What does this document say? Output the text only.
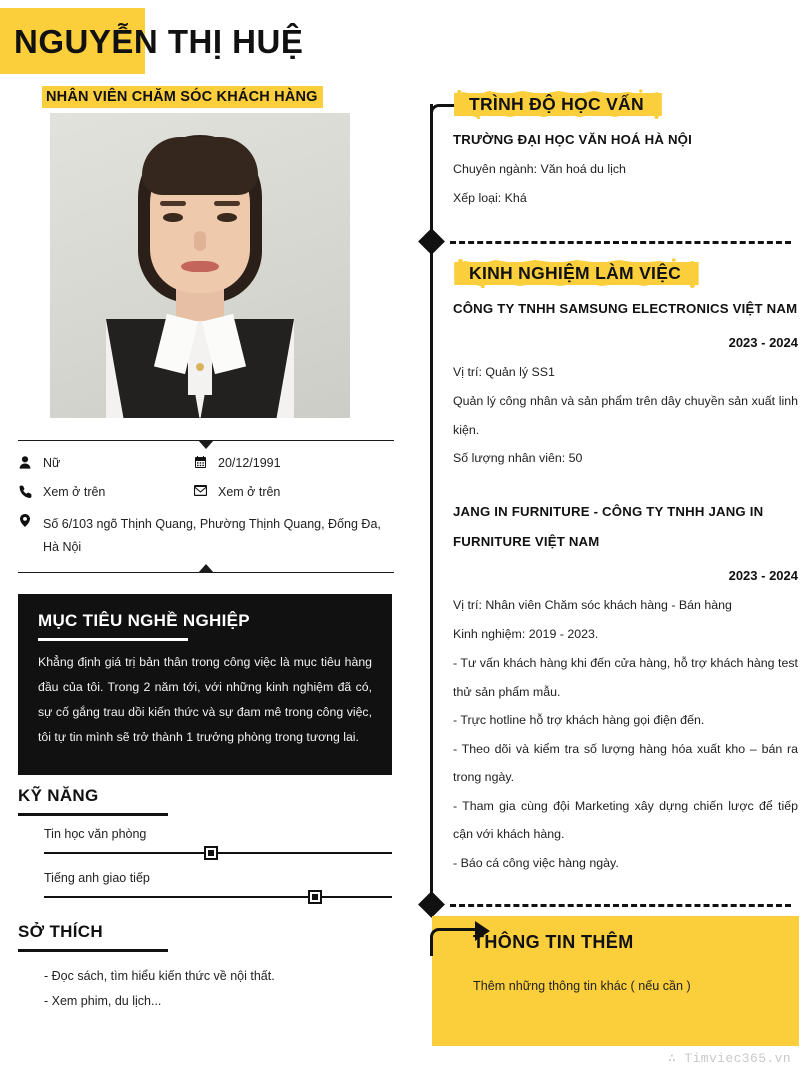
NGUYỄN THỊ HUỆ
NHÂN VIÊN CHĂM SÓC KHÁCH HÀNG
Nữ	20/12/1991
Xem ở trên	Xem ở trên
Số 6/103 ngõ Thịnh Quang, Phường Thịnh Quang, Đống Đa, Hà Nội
MỤC TIÊU NGHỀ NGHIỆP
Khẳng định giá trị bản thân trong công việc là mục tiêu hàng đầu của tôi. Trong 2 năm tới, với những kinh nghiệm đã có, sự cố gắng trau dồi kiến thức và sự đam mê trong công việc, tôi tự tin mình sẽ trở thành 1 trưởng phòng trong tương lai.
KỸ NĂNG
Tin học văn phòng
Tiếng anh giao tiếp
SỞ THÍCH
- Đọc sách, tìm hiểu kiến thức về nội thất.
- Xem phim, du lịch...
TRÌNH ĐỘ HỌC VẤN
TRƯỜNG ĐẠI HỌC VĂN HOÁ HÀ NỘI
Chuyên ngành: Văn hoá du lịch
Xếp loại: Khá
KINH NGHIỆM LÀM VIỆC
CÔNG TY TNHH SAMSUNG ELECTRONICS VIỆT NAM
2023 - 2024
Vị trí: Quản lý SS1
Quản lý công nhân và sản phẩm trên dây chuyền sản xuất linh kiện.
Số lượng nhân viên: 50
JANG IN FURNITURE - CÔNG TY TNHH JANG IN FURNITURE VIỆT NAM
2023 - 2024
Vị trí: Nhân viên Chăm sóc khách hàng - Bán hàng
Kinh nghiệm: 2019 - 2023.
- Tư vấn khách hàng khi đến cửa hàng, hỗ trợ khách hàng test thử sản phẩm mẫu.
- Trực hotline hỗ trợ khách hàng gọi điện đến.
- Theo dõi và kiểm tra số lượng hàng hóa xuất kho – bán ra trong ngày.
- Tham gia cùng đội Marketing xây dựng chiến lược để tiếp cận với khách hàng.
- Báo cá công việc hàng ngày.
THÔNG TIN THÊM
Thêm những thông tin khác ( nếu cần )
∴ Timviec365.vn
